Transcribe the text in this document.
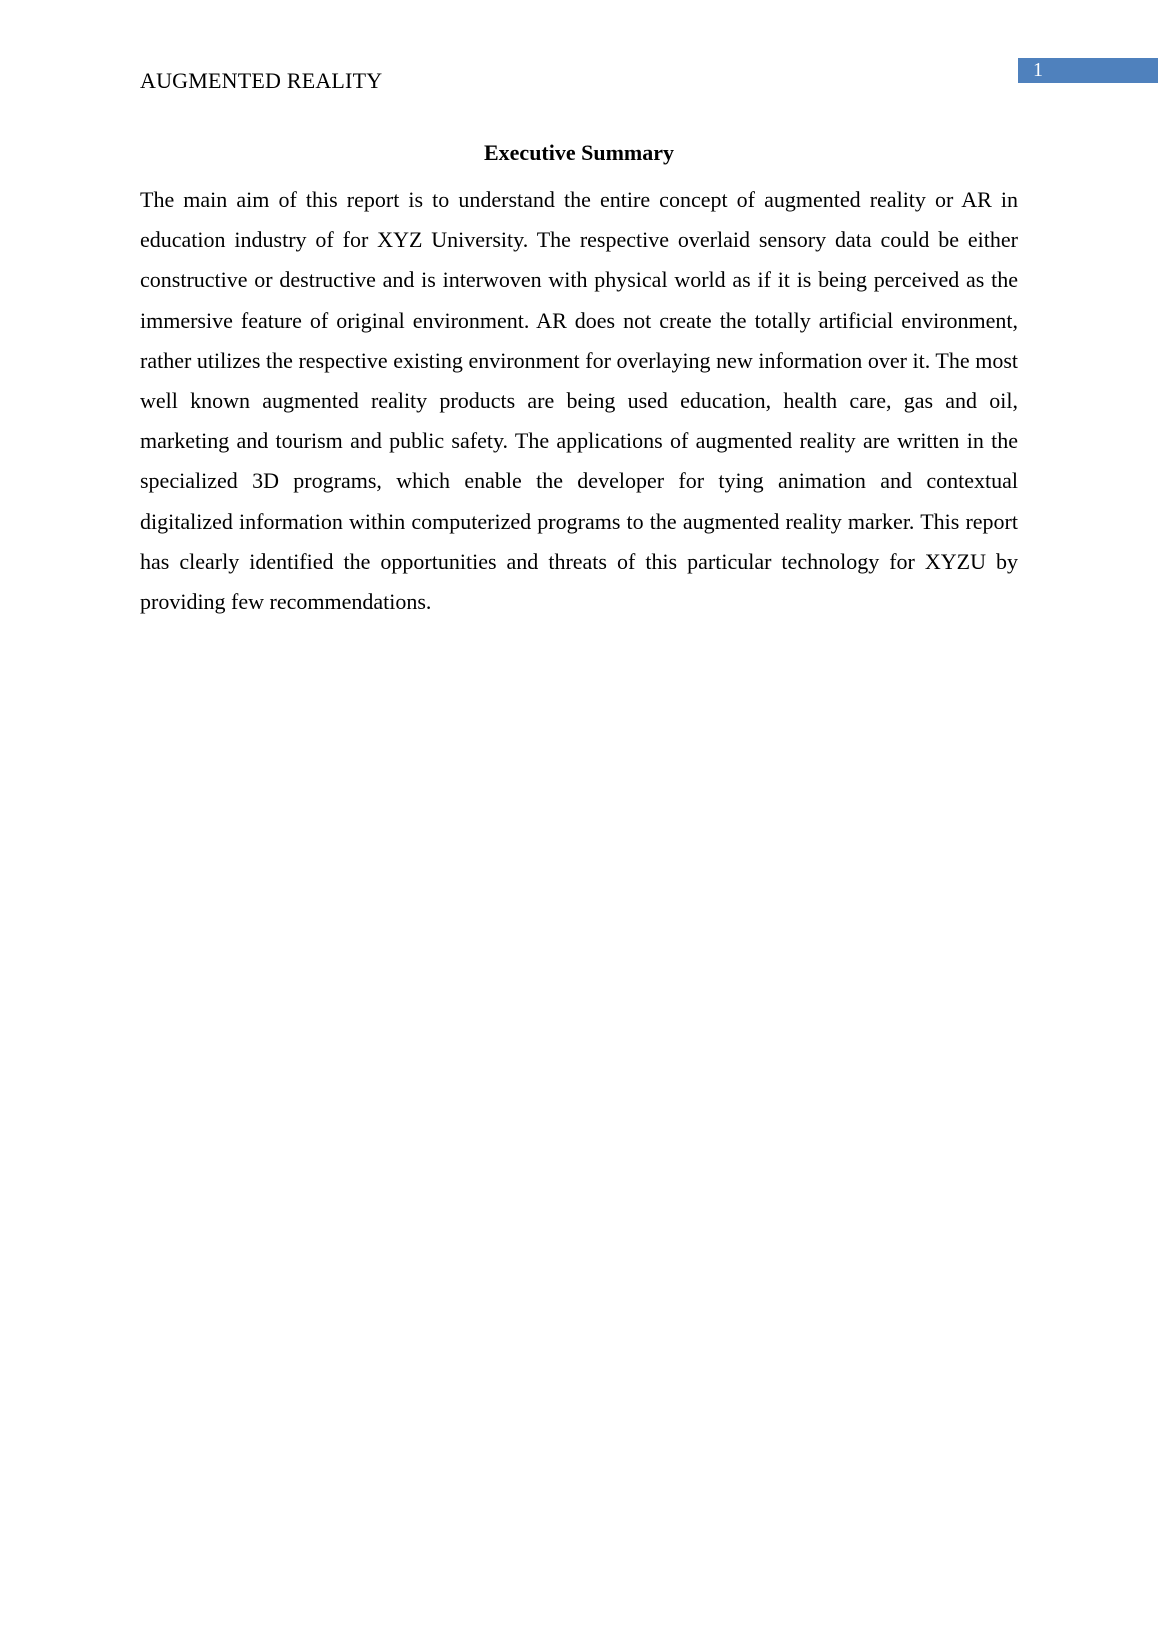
AUGMENTED REALITY	1
Executive Summary

The main aim of this report is to understand the entire concept of augmented reality or AR in education industry of for XYZ University. The respective overlaid sensory data could be either constructive or destructive and is interwoven with physical world as if it is being perceived as the immersive feature of original environment. AR does not create the totally artificial environment, rather utilizes the respective existing environment for overlaying new information over it. The most well known augmented reality products are being used education, health care, gas and oil, marketing and tourism and public safety. The applications of augmented reality are written in the specialized 3D programs, which enable the developer for tying animation and contextual digitalized information within computerized programs to the augmented reality marker. This report has clearly identified the opportunities and threats of this particular technology for XYZU by providing few recommendations.
